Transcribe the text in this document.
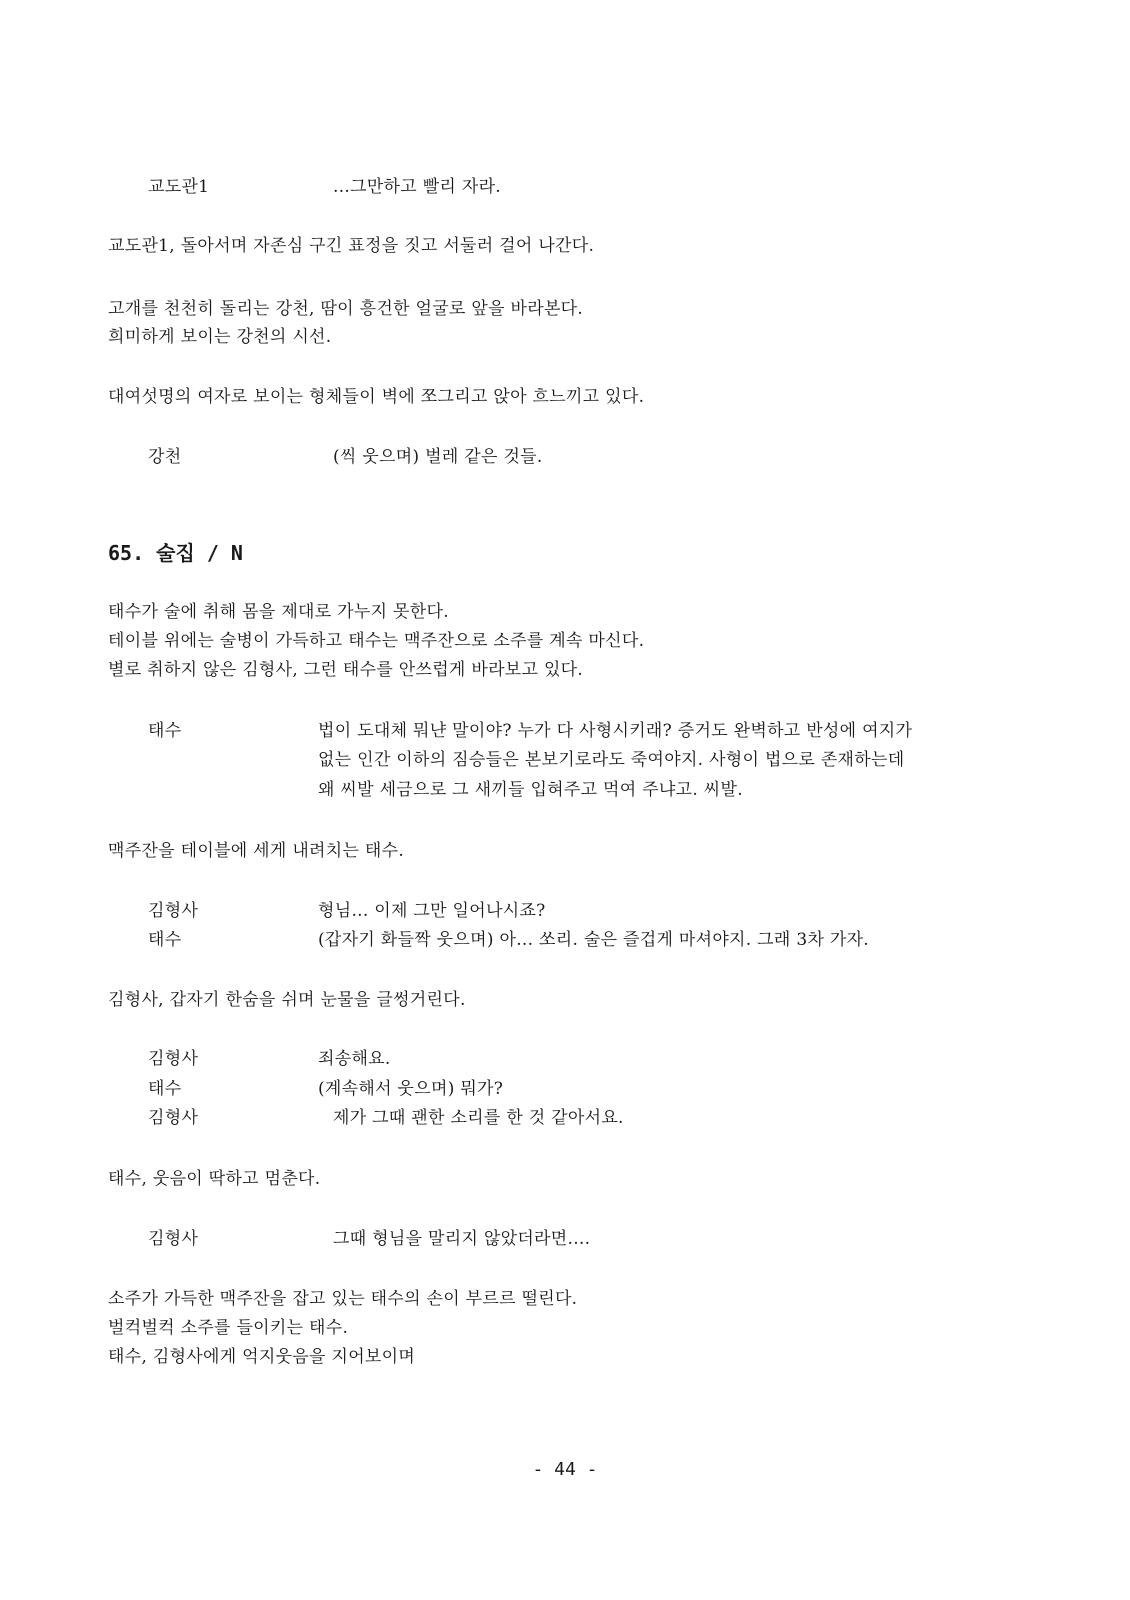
교도관1	...그만하고 빨리 자라.
교도관1, 돌아서며 자존심 구긴 표정을 짓고 서둘러 걸어 나간다.
고개를 천천히 돌리는 강천, 땀이 흥건한 얼굴로 앞을 바라본다.
희미하게 보이는 강천의 시선.
대여섯명의 여자로 보이는 형체들이 벽에 쪼그리고 앉아 흐느끼고 있다.
강천	(씩 웃으며) 벌레 같은 것들.
65. 술집 / N
태수가 술에 취해 몸을 제대로 가누지 못한다.
테이블 위에는 술병이 가득하고 태수는 맥주잔으로 소주를 계속 마신다.
별로 취하지 않은 김형사, 그런 태수를 안쓰럽게 바라보고 있다.
태수	법이 도대체 뭐냔 말이야? 누가 다 사형시키래? 증거도 완벽하고 반성에 여지가
없는 인간 이하의 짐승들은 본보기로라도 죽여야지. 사형이 법으로 존재하는데
왜 씨발 세금으로 그 새끼들 입혀주고 먹여 주냐고. 씨발.
맥주잔을 테이블에 세게 내려치는 태수.
김형사	형님... 이제 그만 일어나시죠?
태수	(갑자기 화들짝 웃으며) 아... 쏘리. 술은 즐겁게 마셔야지. 그래 3차 가자.
김형사, 갑자기 한숨을 쉬며 눈물을 글썽거린다.
김형사	죄송해요.
태수	(계속해서 웃으며) 뭐가?
김형사	제가 그때 괜한 소리를 한 것 같아서요.
태수, 웃음이 딱하고 멈춘다.
김형사	그때 형님을 말리지 않았더라면....
소주가 가득한 맥주잔을 잡고 있는 태수의 손이 부르르 떨린다.
벌컥벌컥 소주를 들이키는 태수.
태수, 김형사에게 억지웃음을 지어보이며
- 44 -
